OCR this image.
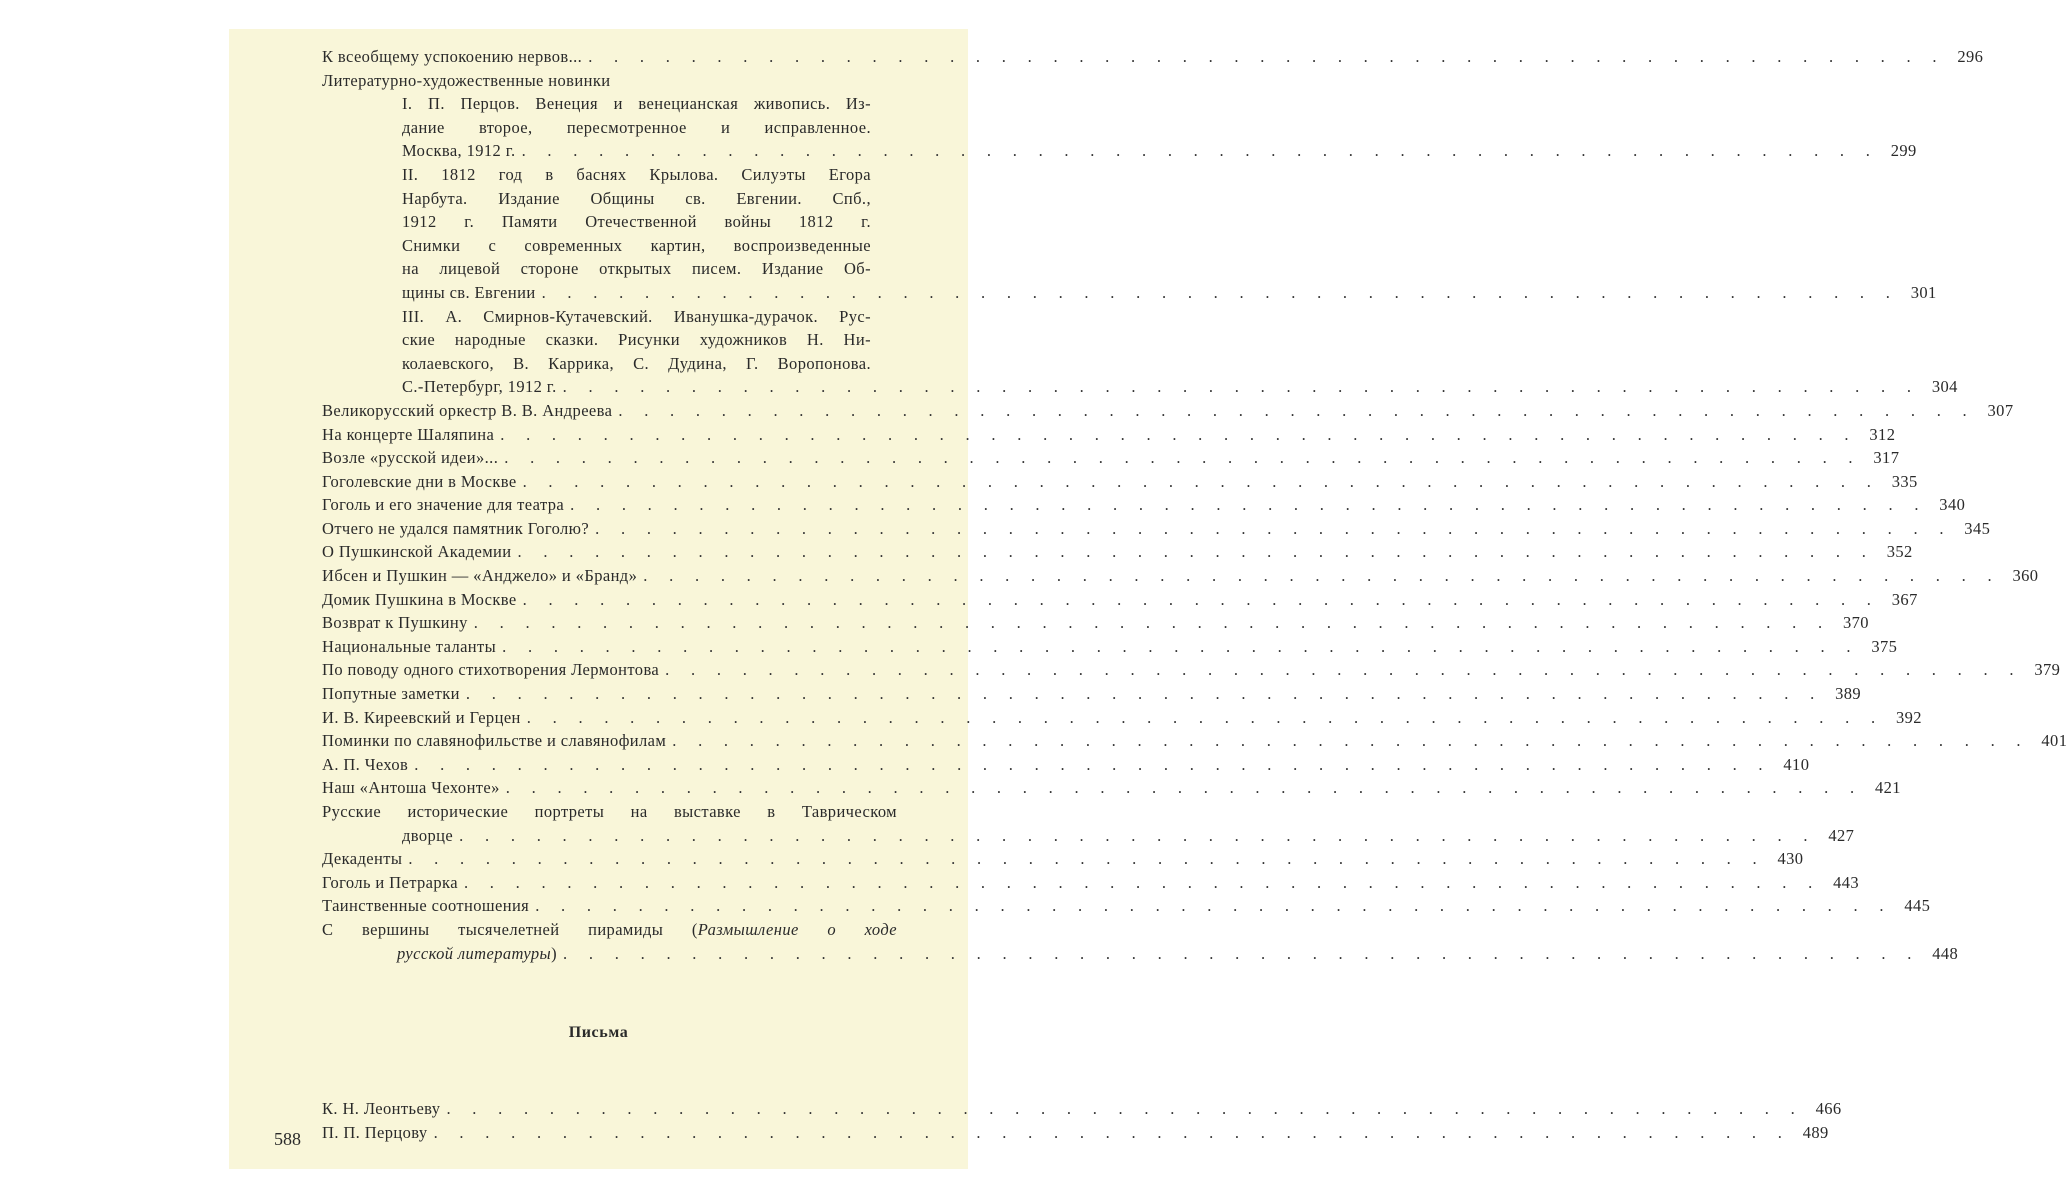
К всеобщему успокоению нервов... . . . . . . . . . . . . . . . . . . . . . . . . . . . . . . . . . . . . . . . . . . . . . . . . . . . . . 296
Литературно-художественные новинки
I. П. Перцов. Венеция и венецианская живопись. Из-
дание второе, пересмотренное и исправленное.
Москва, 1912 г. . . . . . . . . . . . . . . . . . . . . . . . . . . . . . . . . . . . . . . . . . . . . . . . . . . . . . 299
II. 1812 год в баснях Крылова. Силуэты Егора
Нарбута. Издание Общины св. Евгении. Спб.,
1912 г. Памяти Отечественной войны 1812 г.
Снимки с современных картин, воспроизведенные
на лицевой стороне открытых писем. Издание Об-
щины св. Евгении . . . . . . . . . . . . . . . . . . . . . . . . . . . . . . . . . . . . . . . . . . . . . . . . . . . . . 301
III. А. Смирнов-Кутачевский. Иванушка-дурачок. Рус-
ские народные сказки. Рисунки художников Н. Ни-
колаевского, В. Каррика, С. Дудина, Г. Воропонова.
С.-Петербург, 1912 г. . . . . . . . . . . . . . . . . . . . . . . . . . . . . . . . . . . . . . . . . . . . . . . . . . . . . . 304
Великорусский оркестр В. В. Андреева . . . . . . . . . . . . . . . . . . . . . . . . . . . . . . . . . . . . . . . . . . . . . . . . . . . . . 307
На концерте Шаляпина . . . . . . . . . . . . . . . . . . . . . . . . . . . . . . . . . . . . . . . . . . . . . . . . . . . . . 312
Возле «русской идеи»... . . . . . . . . . . . . . . . . . . . . . . . . . . . . . . . . . . . . . . . . . . . . . . . . . . . . . 317
Гоголевские дни в Москве . . . . . . . . . . . . . . . . . . . . . . . . . . . . . . . . . . . . . . . . . . . . . . . . . . . . . 335
Гоголь и его значение для театра . . . . . . . . . . . . . . . . . . . . . . . . . . . . . . . . . . . . . . . . . . . . . . . . . . . . . 340
Отчего не удался памятник Гоголю? . . . . . . . . . . . . . . . . . . . . . . . . . . . . . . . . . . . . . . . . . . . . . . . . . . . . . 345
О Пушкинской Академии . . . . . . . . . . . . . . . . . . . . . . . . . . . . . . . . . . . . . . . . . . . . . . . . . . . . . 352
Ибсен и Пушкин — «Анджело» и «Бранд» . . . . . . . . . . . . . . . . . . . . . . . . . . . . . . . . . . . . . . . . . . . . . . . . . . . . . 360
Домик Пушкина в Москве . . . . . . . . . . . . . . . . . . . . . . . . . . . . . . . . . . . . . . . . . . . . . . . . . . . . . 367
Возврат к Пушкину . . . . . . . . . . . . . . . . . . . . . . . . . . . . . . . . . . . . . . . . . . . . . . . . . . . . . 370
Национальные таланты . . . . . . . . . . . . . . . . . . . . . . . . . . . . . . . . . . . . . . . . . . . . . . . . . . . . . 375
По поводу одного стихотворения Лермонтова . . . . . . . . . . . . . . . . . . . . . . . . . . . . . . . . . . . . . . . . . . . . . . . . . . . . . 379
Попутные заметки . . . . . . . . . . . . . . . . . . . . . . . . . . . . . . . . . . . . . . . . . . . . . . . . . . . . . 389
И. В. Киреевский и Герцен . . . . . . . . . . . . . . . . . . . . . . . . . . . . . . . . . . . . . . . . . . . . . . . . . . . . . 392
Поминки по славянофильстве и славянофилам . . . . . . . . . . . . . . . . . . . . . . . . . . . . . . . . . . . . . . . . . . . . . . . . . . . . . 401
А. П. Чехов . . . . . . . . . . . . . . . . . . . . . . . . . . . . . . . . . . . . . . . . . . . . . . . . . . . . . 410
Наш «Антоша Чехонте» . . . . . . . . . . . . . . . . . . . . . . . . . . . . . . . . . . . . . . . . . . . . . . . . . . . . . 421
Русские исторические портреты на выставке в Таврическом
дворце . . . . . . . . . . . . . . . . . . . . . . . . . . . . . . . . . . . . . . . . . . . . . . . . . . . . . 427
Декаденты . . . . . . . . . . . . . . . . . . . . . . . . . . . . . . . . . . . . . . . . . . . . . . . . . . . . . 430
Гоголь и Петрарка . . . . . . . . . . . . . . . . . . . . . . . . . . . . . . . . . . . . . . . . . . . . . . . . . . . . . 443
Таинственные соотношения . . . . . . . . . . . . . . . . . . . . . . . . . . . . . . . . . . . . . . . . . . . . . . . . . . . . . 445
С вершины тысячелетней пирамиды (Размышление о ходе
русской литературы) . . . . . . . . . . . . . . . . . . . . . . . . . . . . . . . . . . . . . . . . . . . . . . . . . . . . . 448
Письма
К. Н. Леонтьеву . . . . . . . . . . . . . . . . . . . . . . . . . . . . . . . . . . . . . . . . . . . . . . . . . . . . . 466
П. П. Перцову . . . . . . . . . . . . . . . . . . . . . . . . . . . . . . . . . . . . . . . . . . . . . . . . . . . . . 489
588
